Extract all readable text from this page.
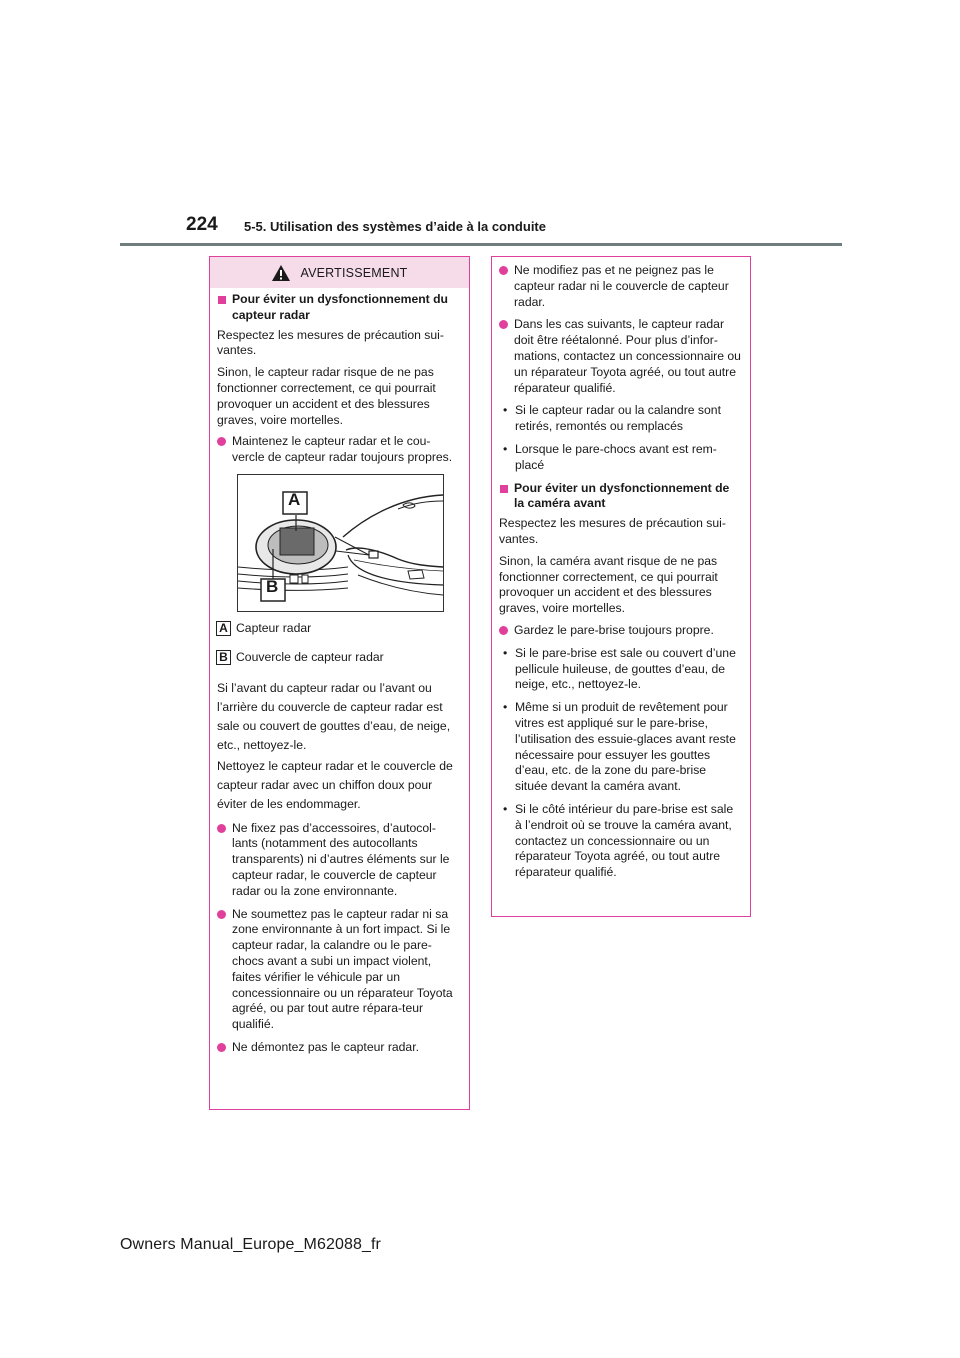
224 5-5. Utilisation des systèmes d’aide à la conduite
AVERTISSEMENT
Pour éviter un dysfonctionnement du capteur radar

Respectez les mesures de précaution sui-vantes.

Sinon, le capteur radar risque de ne pas fonctionner correctement, ce qui pourrait provoquer un accident et des blessures graves, voire mortelles.

Maintenez le capteur radar et le cou-vercle de capteur radar toujours propres.
A
B
A Capteur radar
B Couvercle de capteur radar

Si l’avant du capteur radar ou l’avant ou l’arrière du couvercle de capteur radar est sale ou couvert de gouttes d’eau, de neige, etc., nettoyez-le.

Nettoyez le capteur radar et le couvercle de capteur radar avec un chiffon doux pour éviter de les endommager.

Ne fixez pas d’accessoires, d’autocol-lants (notamment des autocollants transparents) ni d’autres éléments sur le capteur radar, le couvercle de capteur radar ou la zone environnante.
Ne soumettez pas le capteur radar ni sa zone environnante à un fort impact. Si le capteur radar, la calandre ou le pare-chocs avant a subi un impact violent, faites vérifier le véhicule par un concessionnaire ou un réparateur Toyota agréé, ou par tout autre répara-teur qualifié.
Ne démontez pas le capteur radar.
Ne modifiez pas et ne peignez pas le capteur radar ni le couvercle de capteur radar.
Dans les cas suivants, le capteur radar doit être réétalonné. Pour plus d’infor-mations, contactez un concessionnaire ou un réparateur Toyota agréé, ou tout autre réparateur qualifié.
• Si le capteur radar ou la calandre sont retirés, remontés ou remplacés
• Lorsque le pare-chocs avant est rem-placé
Pour éviter un dysfonctionnement de la caméra avant

Respectez les mesures de précaution sui-vantes.

Sinon, la caméra avant risque de ne pas fonctionner correctement, ce qui pourrait provoquer un accident et des blessures graves, voire mortelles.

Gardez le pare-brise toujours propre.
• Si le pare-brise est sale ou couvert d’une pellicule huileuse, de gouttes d’eau, de neige, etc., nettoyez-le.
• Même si un produit de revêtement pour vitres est appliqué sur le pare-brise, l’utilisation des essuie-glaces avant reste nécessaire pour essuyer les gouttes d’eau, etc. de la zone du pare-brise située devant la caméra avant.
• Si le côté intérieur du pare-brise est sale à l’endroit où se trouve la caméra avant, contactez un concessionnaire ou un réparateur Toyota agréé, ou tout autre réparateur qualifié.
Owners Manual_Europe_M62088_fr
